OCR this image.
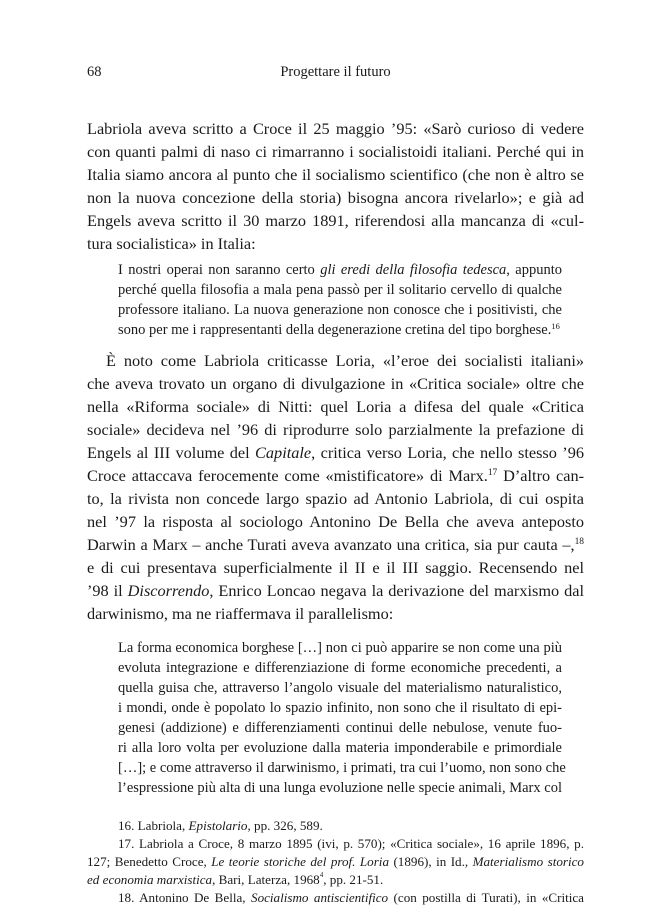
68	Progettare il futuro
Labriola aveva scritto a Croce il 25 maggio ’95: «Sarò curioso di vedere
con quanti palmi di naso ci rimarranno i socialistoidi italiani. Perché qui in
Italia siamo ancora al punto che il socialismo scientifico (che non è altro se
non la nuova concezione della storia) bisogna ancora rivelarlo»; e già ad
Engels aveva scritto il 30 marzo 1891, riferendosi alla mancanza di «cul-
tura socialistica» in Italia:
I nostri operai non saranno certo gli eredi della filosofia tedesca, appunto
perché quella filosofia a mala pena passò per il solitario cervello di qualche
professore italiano. La nuova generazione non conosce che i positivisti, che
sono per me i rappresentanti della degenerazione cretina del tipo borghese.$^{16}$
È noto come Labriola criticasse Loria, «l’eroe dei socialisti italiani»
che aveva trovato un organo di divulgazione in «Critica sociale» oltre che
nella «Riforma sociale» di Nitti: quel Loria a difesa del quale «Critica
sociale» decideva nel ’96 di riprodurre solo parzialmente la prefazione di
Engels al III volume del Capitale, critica verso Loria, che nello stesso ’96
Croce attaccava ferocemente come «mistificatore» di Marx.$^{17}$ D’altro can-
to, la rivista non concede largo spazio ad Antonio Labriola, di cui ospita
nel ’97 la risposta al sociologo Antonino De Bella che aveva anteposto
Darwin a Marx – anche Turati aveva avanzato una critica, sia pur cauta –,$^{18}$
e di cui presentava superficialmente il II e il III saggio. Recensendo nel
’98 il Discorrendo, Enrico Loncao negava la derivazione del marxismo dal
darwinismo, ma ne riaffermava il parallelismo:
La forma economica borghese […] non ci può apparire se non come una più
evoluta integrazione e differenziazione di forme economiche precedenti, a
quella guisa che, attraverso l’angolo visuale del materialismo naturalistico,
i mondi, onde è popolato lo spazio infinito, non sono che il risultato di epi-
genesi (addizione) e differenziamenti continui delle nebulose, venute fuo-
ri alla loro volta per evoluzione dalla materia imponderabile e primordiale
[…]; e come attraverso il darwinismo, i primati, tra cui l’uomo, non sono che
l’espressione più alta di una lunga evoluzione nelle specie animali, Marx col
16. Labriola, Epistolario, pp. 326, 589.
17. Labriola a Croce, 8 marzo 1895 (ivi, p. 570); «Critica sociale», 16 aprile 1896, p.
127; Benedetto Croce, Le teorie storiche del prof. Loria (1896), in Id., Materialismo storico
ed economia marxistica, Bari, Laterza, 1968$^4$, pp. 21-51.
18. Antonino De Bella, Socialismo antiscientifico (con postilla di Turati), in «Critica
